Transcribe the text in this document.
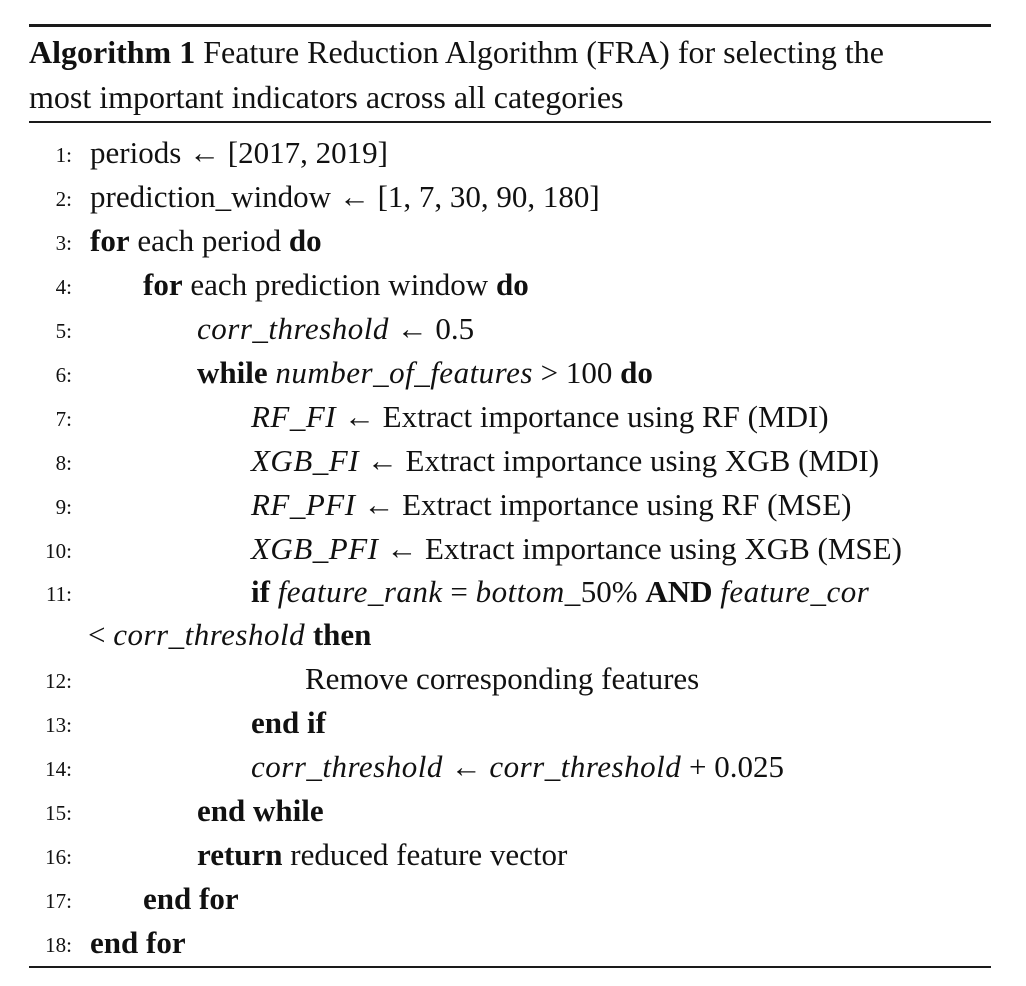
Algorithm 1 Feature Reduction Algorithm (FRA) for selecting the
most important indicators across all categories
1: periods ← [2017, 2019]
2: prediction_window ← [1, 7, 30, 90, 180]
3: for each period do
4: for each prediction window do
5:	corr_threshold ← 0.5
6:	while number_of_features > 100 do
7:	RF_FI ← Extract importance using RF (MDI)
8:	XGB_FI ← Extract importance using XGB (MDI)
9:	RF_PFI ← Extract importance using RF (MSE)
10:	XGB_PFI ← Extract importance using XGB (MSE)
11:	if feature_rank = bottom_50% AND feature_cor
< corr_threshold then
12:	Remove corresponding features
13:	end if
14:	corr_threshold ← corr_threshold + 0.025
15:	end while
16:	return reduced feature vector
17: end for
18: end for
